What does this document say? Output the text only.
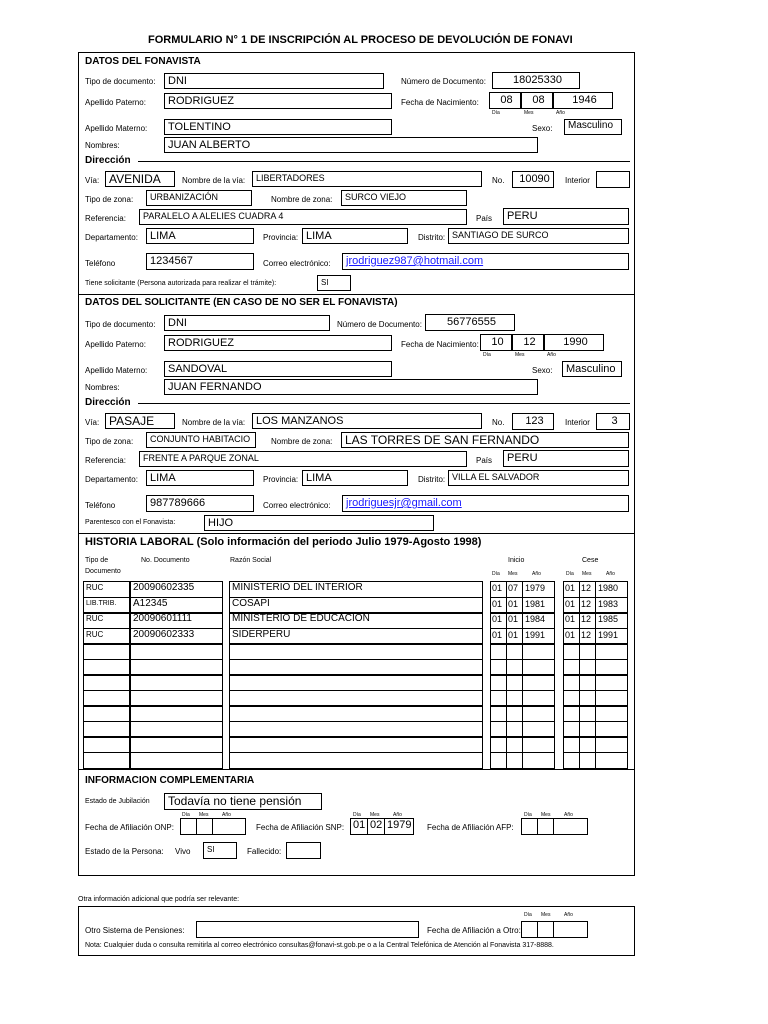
FORMULARIO N° 1 DE INSCRIPCIÓN AL PROCESO DE DEVOLUCIÓN DE FONAVI
DATOS DEL FONAVISTA
Tipo de documento:	DNI	Número de Documento:	18025330
Apellido Paterno:	RODRIGUEZ	Fecha de Nacimiento:	08	08	1946
Día	Mes	Año
Apellido Materno:	TOLENTINO	Sexo:	Masculino
Nombres:	JUAN ALBERTO
Dirección
Vía: AVENIDA	Nombre de la vía:	LIBERTADORES	No.	10090	Interior
Tipo de zona:	URBANIZACIÓN	Nombre de zona:	SURCO VIEJO
Referencia:	PARALELO A ALELIES CUADRA 4	País	PERU
Departamento:	LIMA	Provincia: LIMA	Distrito: SANTIAGO DE SURCO
Teléfono	1234567	Correo electrónico:	jrodriguez987@hotmail.com
Tiene solicitante (Persona autorizada para realizar el trámite):	SI
DATOS DEL SOLICITANTE (EN CASO DE NO SER EL FONAVISTA)
Tipo de documento:	DNI	Número de Documento:	56776555
Apellido Paterno:	RODRIGUEZ	Fecha de Nacimiento:	10	12	1990
Día	Mes	Año
Apellido Materno:	SANDOVAL	Sexo:	Masculino
Nombres:	JUAN FERNANDO
Dirección
Vía: PASAJE	Nombre de la vía: LOS MANZANOS	No.	123	Interior	3
Tipo de zona:	CONJUNTO HABITACIO	Nombre de zona:	LAS TORRES DE SAN FERNANDO
Referencia:	FRENTE A PARQUE ZONAL	País	PERU
Departamento:	LIMA	Provincia: LIMA	Distrito: VILLA EL SALVADOR
Teléfono	987789666	Correo electrónico:	jrodriguesjr@gmail.com
Parentesco con el Fonavista:	HIJO
HISTORIA LABORAL (Solo información del periodo Julio 1979-Agosto 1998)
Tipo de
Documento
No. Documento	Razón Social	Inicio	Cese
Día Mes	Año	Día Mes	Año
RUC	20090602335	MINISTERIO DEL INTERIOR	01 07 1979	01 12 1980
LIB.TRIB.	A12345	COSAPI	01 01 1981	01 12 1983
RUC	20090601111	MINISTERIO DE EDUCACION	01 01 1984	01 12 1985
RUC	20090602333	SIDERPERU	01 01 1991	01 12 1991
INFORMACION COMPLEMENTARIA
Estado de Jubilación	Todavía no tiene pensión
Día Mes	Año
Fecha de Afiliación ONP:
Día Mes	Año
Fecha de Afiliación SNP: 01 02 1979
Día Mes	Año
Fecha de Afiliación AFP:
Estado de la Persona: Vivo	SI	Fallecido:
Otra información adicional que podría ser relevante:
Día Mes	Año
Otro Sistema de Pensiones:	Fecha de Afiliación a Otro:
Nota: Cualquier duda o consulta remitirla al correo electrónico consultas@fonavi-st.gob.pe o a la Central Telefónica de Atención al Fonavista 317-8888.
